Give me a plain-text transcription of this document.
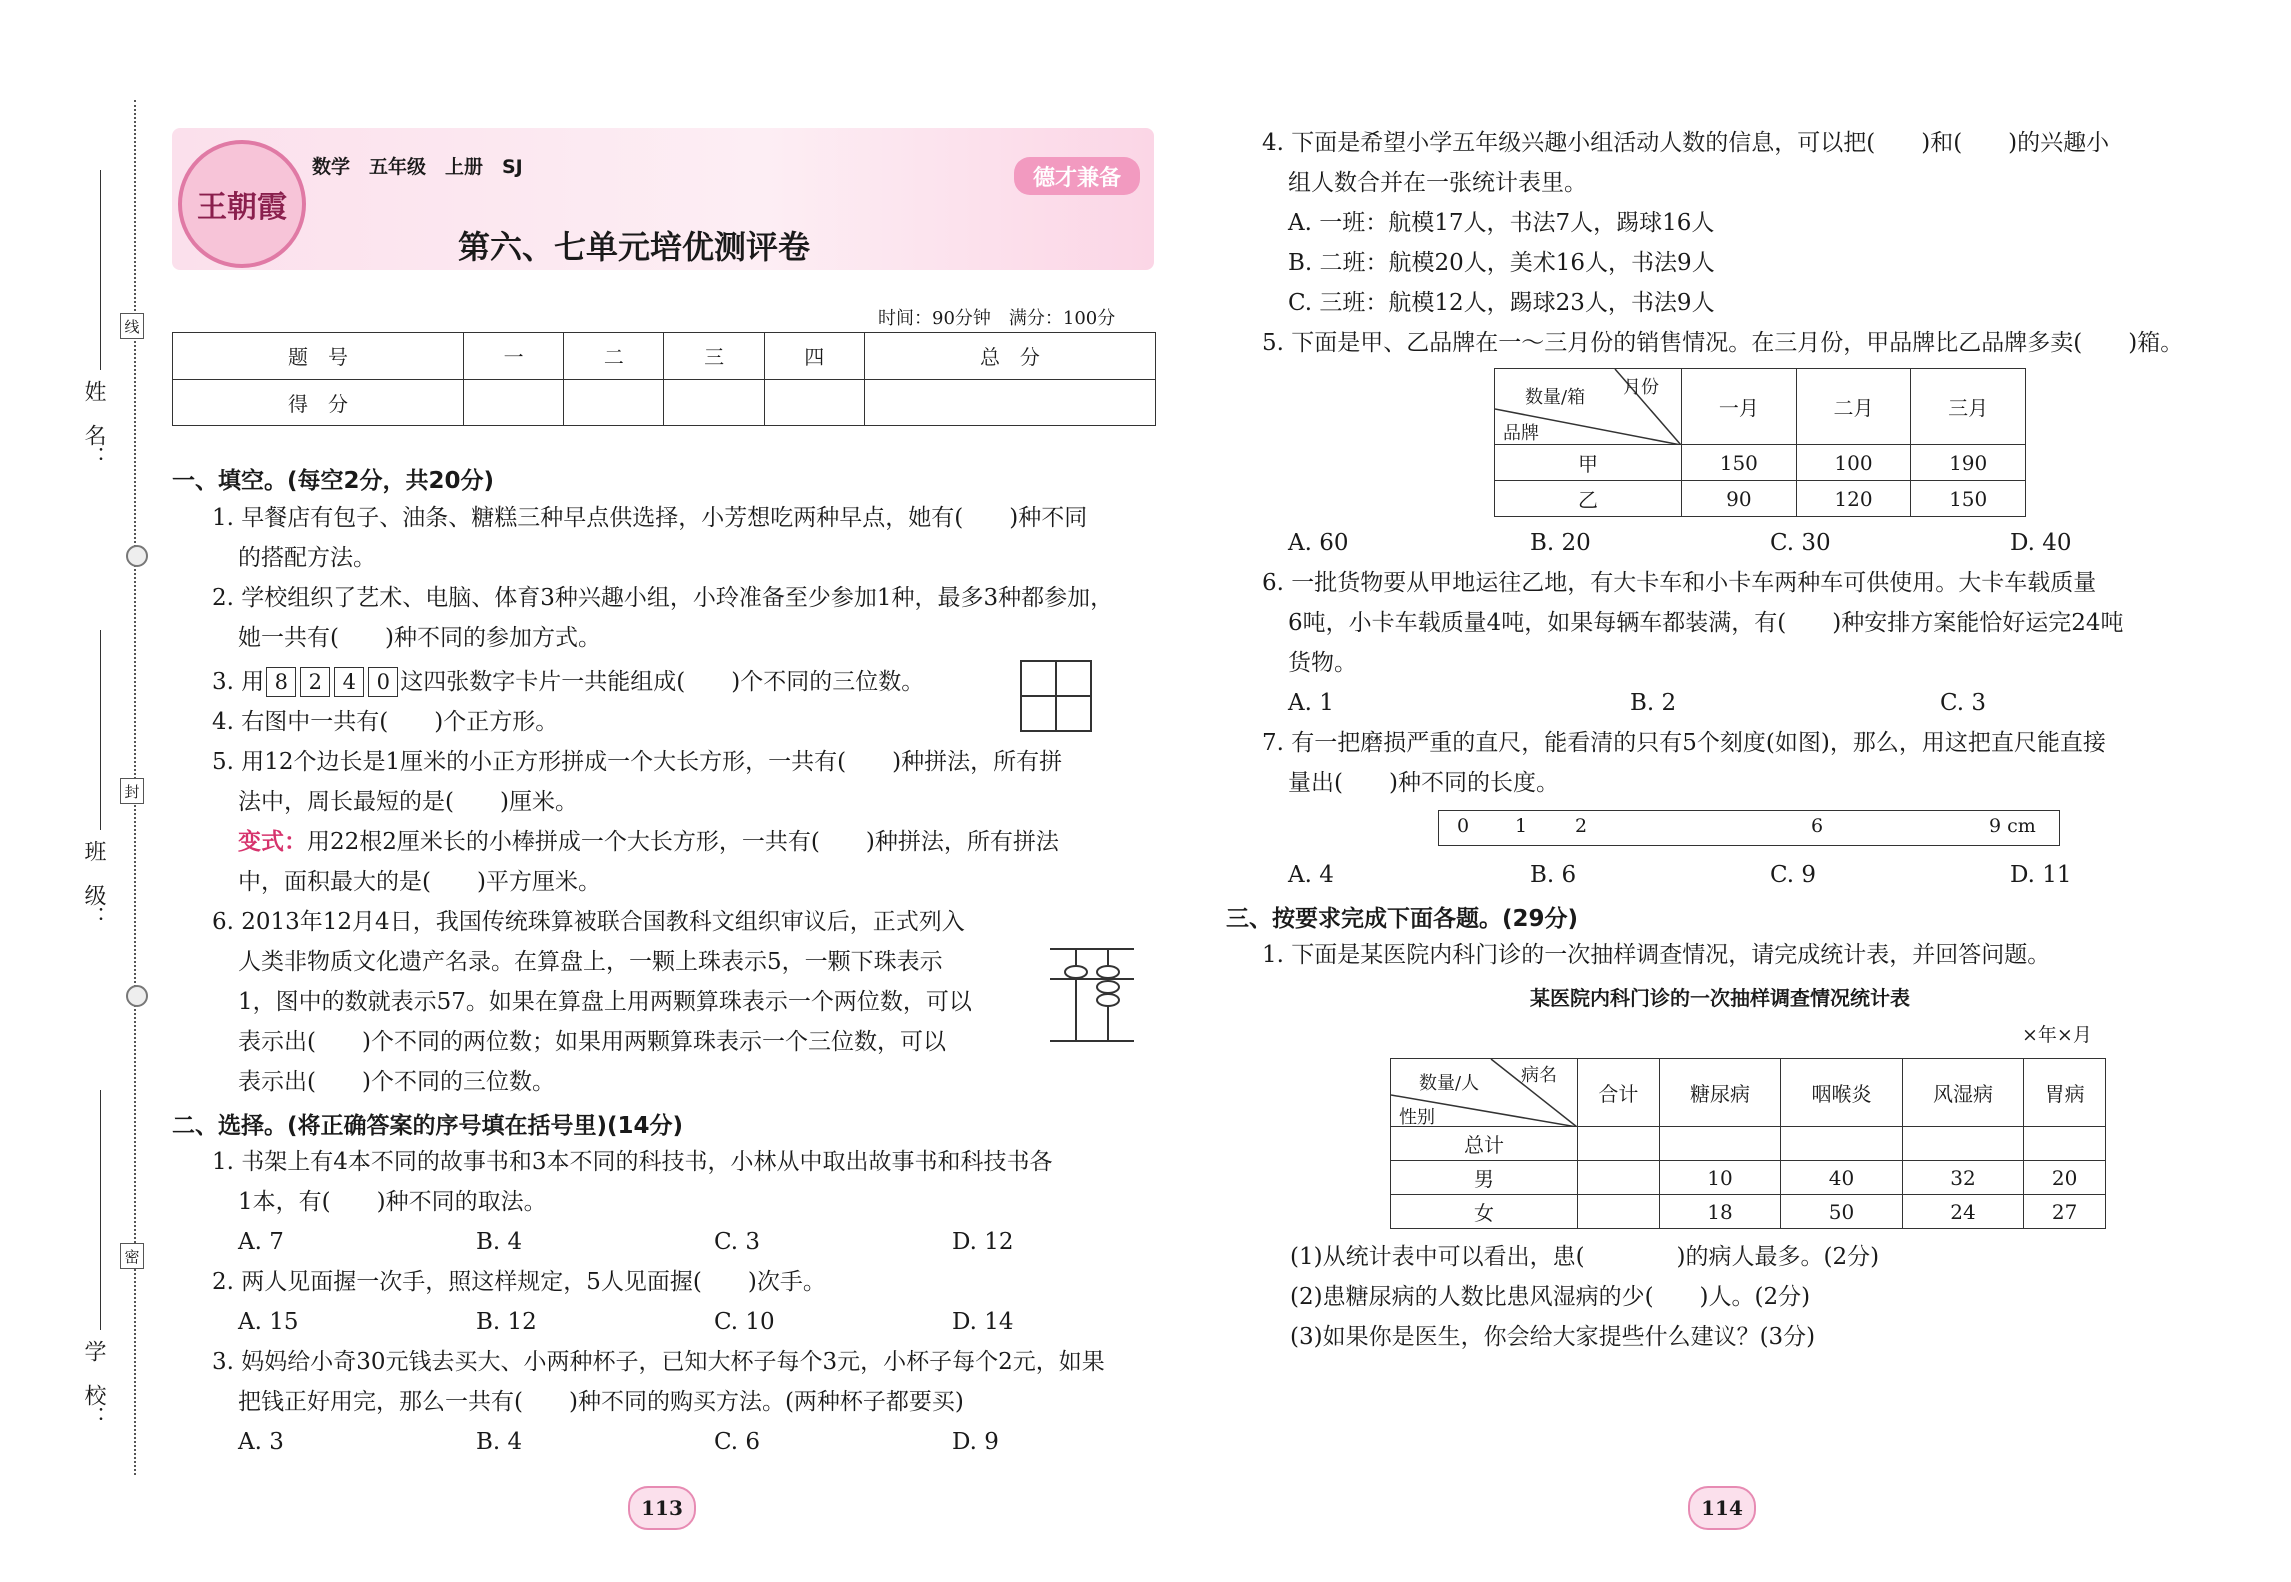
姓　名：
班　级：
学　校：
线
封
密
王朝霞
数学　五年级　上册　SJ
第六、七单元培优测评卷
德才兼备
时间：90分钟　满分：100分
题　号	一	二	三	四	总　分
得　分					
一、填空。(每空2分，共20分)
1. 早餐店有包子、油条、糖糕三种早点供选择，小芳想吃两种早点，她有(　　)种不同
的搭配方法。
2. 学校组织了艺术、电脑、体育3种兴趣小组，小玲准备至少参加1种，最多3种都参加，
她一共有(　　)种不同的参加方式。
3. 用 8 2 4 0 这四张数字卡片一共能组成(　　)个不同的三位数。
4. 右图中一共有(　　)个正方形。
5. 用12个边长是1厘米的小正方形拼成一个大长方形，一共有(　　)种拼法，所有拼
法中，周长最短的是(　　)厘米。
变式：用22根2厘米长的小棒拼成一个大长方形，一共有(　　)种拼法，所有拼法
中，面积最大的是(　　)平方厘米。
6. 2013年12月4日，我国传统珠算被联合国教科文组织审议后，正式列入
人类非物质文化遗产名录。在算盘上，一颗上珠表示5，一颗下珠表示
1，图中的数就表示57。如果在算盘上用两颗算珠表示一个两位数，可以
表示出(　　)个不同的两位数；如果用两颗算珠表示一个三位数，可以
表示出(　　)个不同的三位数。
二、选择。(将正确答案的序号填在括号里)(14分)
1. 书架上有4本不同的故事书和3本不同的科技书，小林从中取出故事书和科技书各
1本，有(　　)种不同的取法。
A. 7	B. 4	C. 3	D. 12
2. 两人见面握一次手，照这样规定，5人见面握(　　)次手。
A. 15	B. 12	C. 10	D. 14
3. 妈妈给小奇30元钱去买大、小两种杯子，已知大杯子每个3元，小杯子每个2元，如果
把钱正好用完，那么一共有(　　)种不同的购买方法。(两种杯子都要买)
A. 3	B. 4	C. 6	D. 9
113
4. 下面是希望小学五年级兴趣小组活动人数的信息，可以把(　　)和(　　)的兴趣小
组人数合并在一张统计表里。
A. 一班：航模17人，书法7人，踢球16人
B. 二班：航模20人，美术16人，书法9人
C. 三班：航模12人，踢球23人，书法9人
5. 下面是甲、乙品牌在一～三月份的销售情况。在三月份，甲品牌比乙品牌多卖(　　)箱。
月份
数量/箱
品牌	一月	二月	三月
甲	150	100	190
乙	90	120	150
A. 60	B. 20	C. 30	D. 40
6. 一批货物要从甲地运往乙地，有大卡车和小卡车两种车可供使用。大卡车载质量
6吨，小卡车载质量4吨，如果每辆车都装满，有(　　)种安排方案能恰好运完24吨
货物。
A. 1	B. 2	C. 3
7. 有一把磨损严重的直尺，能看清的只有5个刻度(如图)，那么，用这把直尺能直接
量出(　　)种不同的长度。
0 1	2	6	9 cm
A. 4	B. 6	C. 9	D. 11
三、按要求完成下面各题。(29分)
1. 下面是某医院内科门诊的一次抽样调查情况，请完成统计表，并回答问题。
某医院内科门诊的一次抽样调查情况统计表
×年×月
病名
数量/人
性别	合计	糖尿病	咽喉炎	风湿病	胃病
总计					
男		10	40	32	20
女		18	50	24	27
(1)从统计表中可以看出，患(　　　　)的病人最多。(2分)
(2)患糖尿病的人数比患风湿病的少(　　)人。(2分)
(3)如果你是医生，你会给大家提些什么建议？(3分)
114
